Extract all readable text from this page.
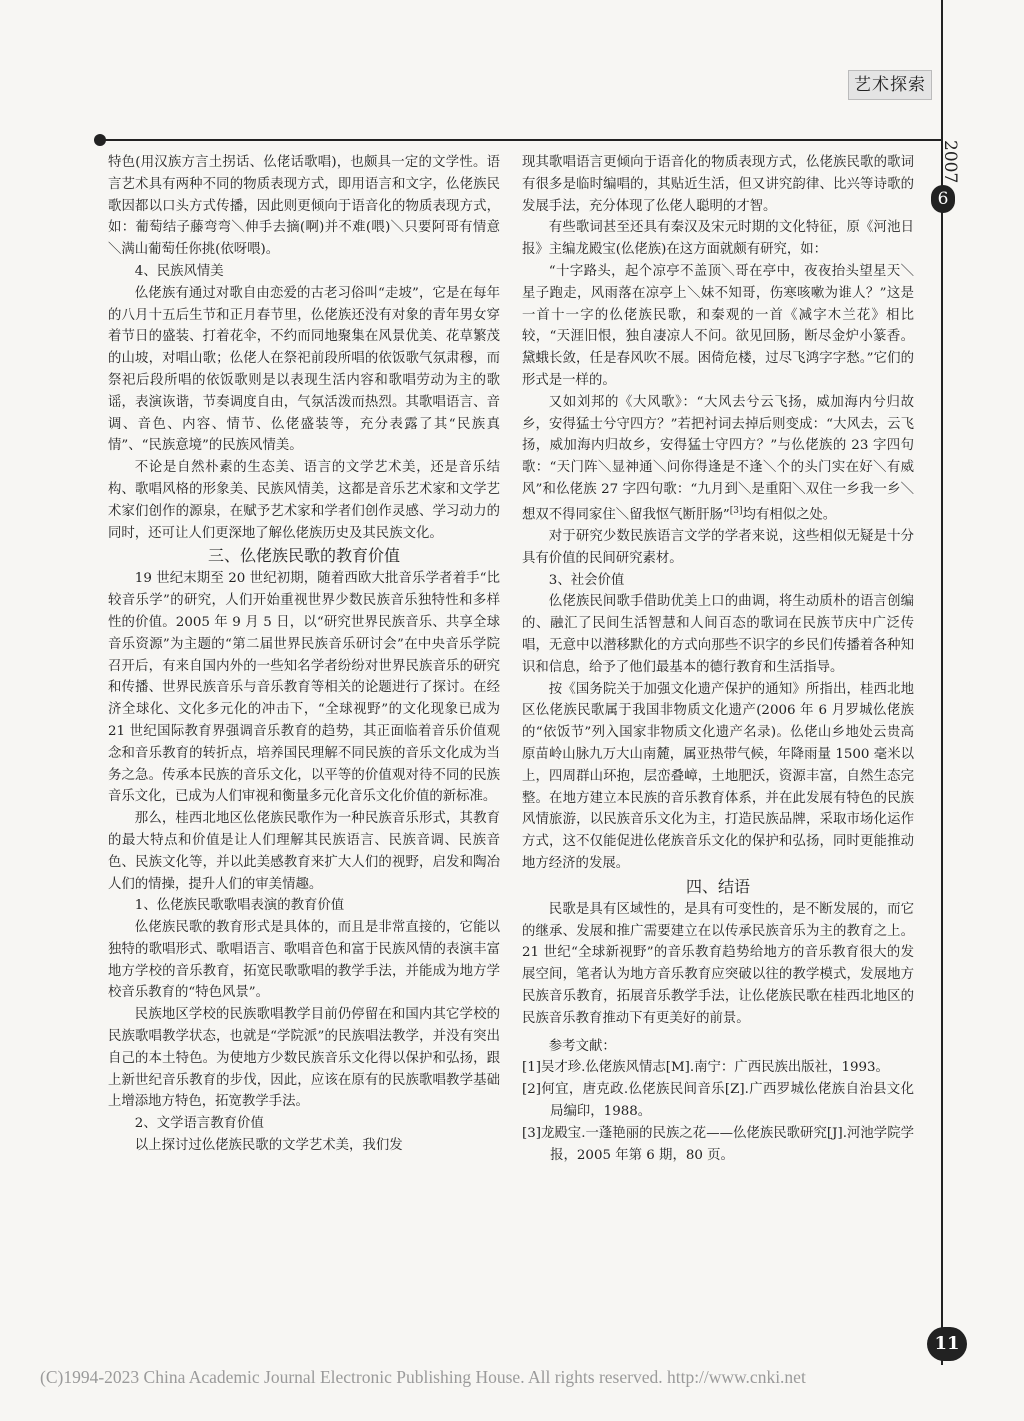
艺术探索
2007
6

特色(用汉族方言土拐话、仫佬话歌唱)，也颇具一定的文学性。语言艺术具有两种不同的物质表现方式，即用语言和文字，仫佬族民歌因都以口头方式传播，因此则更倾向于语音化的物质表现方式，如：葡萄结子藤弯弯＼伸手去摘(啊)并不难(喂)＼只要阿哥有情意＼满山葡萄任你挑(依呀喂)。

4、民族风情美

仫佬族有通过对歌自由恋爱的古老习俗叫“走坡”，它是在每年的八月十五后生节和正月春节里，仫佬族还没有对象的青年男女穿着节日的盛装、打着花伞，不约而同地聚集在风景优美、花草繁茂的山坡，对唱山歌；仫佬人在祭祀前段所唱的依饭歌气氛肃穆，而祭祀后段所唱的依饭歌则是以表现生活内容和歌唱劳动为主的歌谣，表演诙谐，节奏调度自由，气氛活泼而热烈。其歌唱语言、音调、音色、内容、情节、仫佬盛装等，充分表露了其“民族真情”、“民族意境”的民族风情美。

不论是自然朴素的生态美、语言的文学艺术美，还是音乐结构、歌唱风格的形象美、民族风情美，这都是音乐艺术家和文学艺术家们创作的源泉，在赋予艺术家和学者们创作灵感、学习动力的同时，还可让人们更深地了解仫佬族历史及其民族文化。

三、仫佬族民歌的教育价值

19 世纪末期至 20 世纪初期，随着西欧大批音乐学者着手“比较音乐学”的研究，人们开始重视世界少数民族音乐独特性和多样性的价值。2005 年 9 月 5 日，以“研究世界民族音乐、共享全球音乐资源”为主题的“第二届世界民族音乐研讨会”在中央音乐学院召开后，有来自国内外的一些知名学者纷纷对世界民族音乐的研究和传播、世界民族音乐与音乐教育等相关的论题进行了探讨。在经济全球化、文化多元化的冲击下，“全球视野”的文化现象已成为 21 世纪国际教育界强调音乐教育的趋势，其正面临着音乐价值观念和音乐教育的转折点，培养国民理解不同民族的音乐文化成为当务之急。传承本民族的音乐文化，以平等的价值观对待不同的民族音乐文化，已成为人们审视和衡量多元化音乐文化价值的新标准。

那么，桂西北地区仫佬族民歌作为一种民族音乐形式，其教育的最大特点和价值是让人们理解其民族语言、民族音调、民族音色、民族文化等，并以此美感教育来扩大人们的视野，启发和陶冶人们的情操，提升人们的审美情趣。

1、仫佬族民歌歌唱表演的教育价值

仫佬族民歌的教育形式是具体的，而且是非常直接的，它能以独特的歌唱形式、歌唱语言、歌唱音色和富于民族风情的表演丰富地方学校的音乐教育，拓宽民歌歌唱的教学手法，并能成为地方学校音乐教育的“特色风景”。

民族地区学校的民族歌唱教学目前仍停留在和国内其它学校的民族歌唱教学状态，也就是“学院派”的民族唱法教学，并没有突出自己的本土特色。为使地方少数民族音乐文化得以保护和弘扬，跟上新世纪音乐教育的步伐，因此，应该在原有的民族歌唱教学基础上增添地方特色，拓宽教学手法。

2、文学语言教育价值

以上探讨过仫佬族民歌的文学艺术美，我们发

现其歌唱语言更倾向于语音化的物质表现方式，仫佬族民歌的歌词有很多是临时编唱的，其贴近生活，但又讲究韵律、比兴等诗歌的发展手法，充分体现了仫佬人聪明的才智。

有些歌词甚至还具有秦汉及宋元时期的文化特征，原《河池日报》主编龙殿宝(仫佬族)在这方面就颇有研究，如：

“十字路头，起个凉亭不盖顶＼哥在亭中，夜夜抬头望星天＼星子跑走，风雨落在凉亭上＼妹不知哥，伤寒咳嗽为谁人？”这是一首十一字的仫佬族民歌，和秦观的一首《减字木兰花》相比较，“天涯旧恨，独自凄凉人不问。欲见回肠，断尽金炉小篆香。黛蛾长敛，任是春风吹不展。困倚危楼，过尽飞鸿字字愁。”它们的形式是一样的。

又如刘邦的《大风歌》：“大风去兮云飞扬，威加海内兮归故乡，安得猛士兮守四方？”若把衬词去掉后则变成：“大风去，云飞扬，威加海内归故乡，安得猛士守四方？”与仫佬族的 23 字四句歌：“天门阵＼显神通＼问你得逢是不逢＼个的头门实在好＼有威风”和仫佬族 27 字四句歌：“九月到＼是重阳＼双住一乡我一乡＼想双不得同家住＼留我怄气断肝肠”[3]均有相似之处。

对于研究少数民族语言文学的学者来说，这些相似无疑是十分具有价值的民间研究素材。

3、社会价值

仫佬族民间歌手借助优美上口的曲调，将生动质朴的语言创编的、融汇了民间生活智慧和人间百态的歌词在民族节庆中广泛传唱，无意中以潜移默化的方式向那些不识字的乡民们传播着各种知识和信息，给予了他们最基本的德行教育和生活指导。

按《国务院关于加强文化遗产保护的通知》所指出，桂西北地区仫佬族民歌属于我国非物质文化遗产(2006 年 6 月罗城仫佬族的“依饭节”列入国家非物质文化遗产名录)。仫佬山乡地处云贵高原苗岭山脉九万大山南麓，属亚热带气候，年降雨量 1500 毫米以上，四周群山环抱，层峦叠嶂，土地肥沃，资源丰富，自然生态完整。在地方建立本民族的音乐教育体系，并在此发展有特色的民族风情旅游，以民族音乐文化为主，打造民族品牌，采取市场化运作方式，这不仅能促进仫佬族音乐文化的保护和弘扬，同时更能推动地方经济的发展。

四、结语

民歌是具有区域性的，是具有可变性的，是不断发展的，而它的继承、发展和推广需要建立在以传承民族音乐为主的教育之上。21 世纪“全球新视野”的音乐教育趋势给地方的音乐教育很大的发展空间，笔者认为地方音乐教育应突破以往的教学模式，发展地方民族音乐教育，拓展音乐教学手法，让仫佬族民歌在桂西北地区的民族音乐教育推动下有更美好的前景。

参考文献：

[1]吴才珍.仫佬族风情志[M].南宁：广西民族出版社，1993。

[2]何宜，唐克政.仫佬族民间音乐[Z].广西罗城仫佬族自治县文化局编印，1988。

[3]龙殿宝.一蓬艳丽的民族之花——仫佬族民歌研究[J].河池学院学报，2005 年第 6 期，80 页。

11
(C)1994-2023 China Academic Journal Electronic Publishing House. All rights reserved. http://www.cnki.net
